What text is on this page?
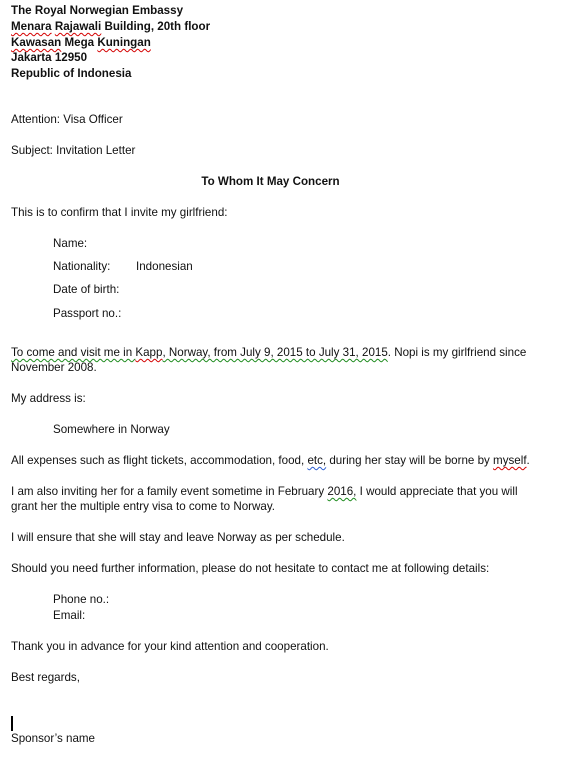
The Royal Norwegian Embassy
Menara Rajawali Building, 20th floor
Kawasan Mega Kuningan
Jakarta 12950
Republic of Indonesia
Attention: Visa Officer
Subject: Invitation Letter
To Whom It May Concern
This is to confirm that I invite my girlfriend:
Name:
Nationality: Indonesian
Date of birth:
Passport no.:
To come and visit me in Kapp, Norway, from July 9, 2015 to July 31, 2015. Nopi is my girlfriend since
November 2008.
My address is:
Somewhere in Norway
All expenses such as flight tickets, accommodation, food, etc, during her stay will be borne by myself.
I am also inviting her for a family event sometime in February 2016, I would appreciate that you will
grant her the multiple entry visa to come to Norway.
I will ensure that she will stay and leave Norway as per schedule.
Should you need further information, please do not hesitate to contact me at following details:
Phone no.:
Email:
Thank you in advance for your kind attention and cooperation.
Best regards,
Sponsor’s name
